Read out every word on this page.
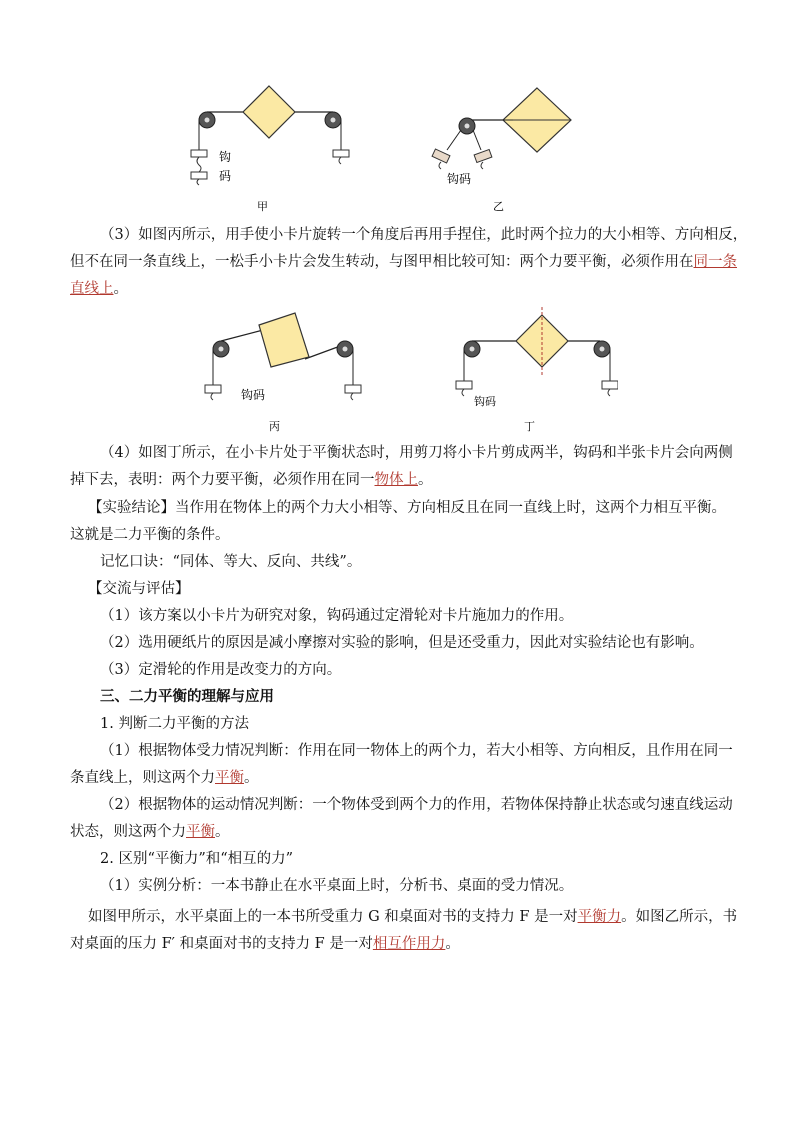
钩
码
甲
钩码
乙
钩码
丙
钩码
丁
（3）如图丙所示，用手使小卡片旋转一个角度后再用手捏住，此时两个拉力的大小相等、方向相反，
但不在同一条直线上，一松手小卡片会发生转动，与图甲相比较可知：两个力要平衡，必须作用在同一条
直线上。
（4）如图丁所示，在小卡片处于平衡状态时，用剪刀将小卡片剪成两半，钩码和半张卡片会向两侧
掉下去，表明：两个力要平衡，必须作用在同一物体上。
【实验结论】当作用在物体上的两个力大小相等、方向相反且在同一直线上时，这两个力相互平衡。
这就是二力平衡的条件。
记忆口诀：“同体、等大、反向、共线”。
【交流与评估】
（1）该方案以小卡片为研究对象，钩码通过定滑轮对卡片施加力的作用。
（2）选用硬纸片的原因是减小摩擦对实验的影响，但是还受重力，因此对实验结论也有影响。
（3）定滑轮的作用是改变力的方向。
三、二力平衡的理解与应用
1. 判断二力平衡的方法
（1）根据物体受力情况判断：作用在同一物体上的两个力，若大小相等、方向相反，且作用在同一
条直线上，则这两个力平衡。
（2）根据物体的运动情况判断：一个物体受到两个力的作用，若物体保持静止状态或匀速直线运动
状态，则这两个力平衡。
2. 区别“平衡力”和“相互的力”
（1）实例分析：一本书静止在水平桌面上时，分析书、桌面的受力情况。
如图甲所示，水平桌面上的一本书所受重力 G 和桌面对书的支持力 F 是一对平衡力。如图乙所示，书
对桌面的压力 F′ 和桌面对书的支持力 F 是一对相互作用力。
